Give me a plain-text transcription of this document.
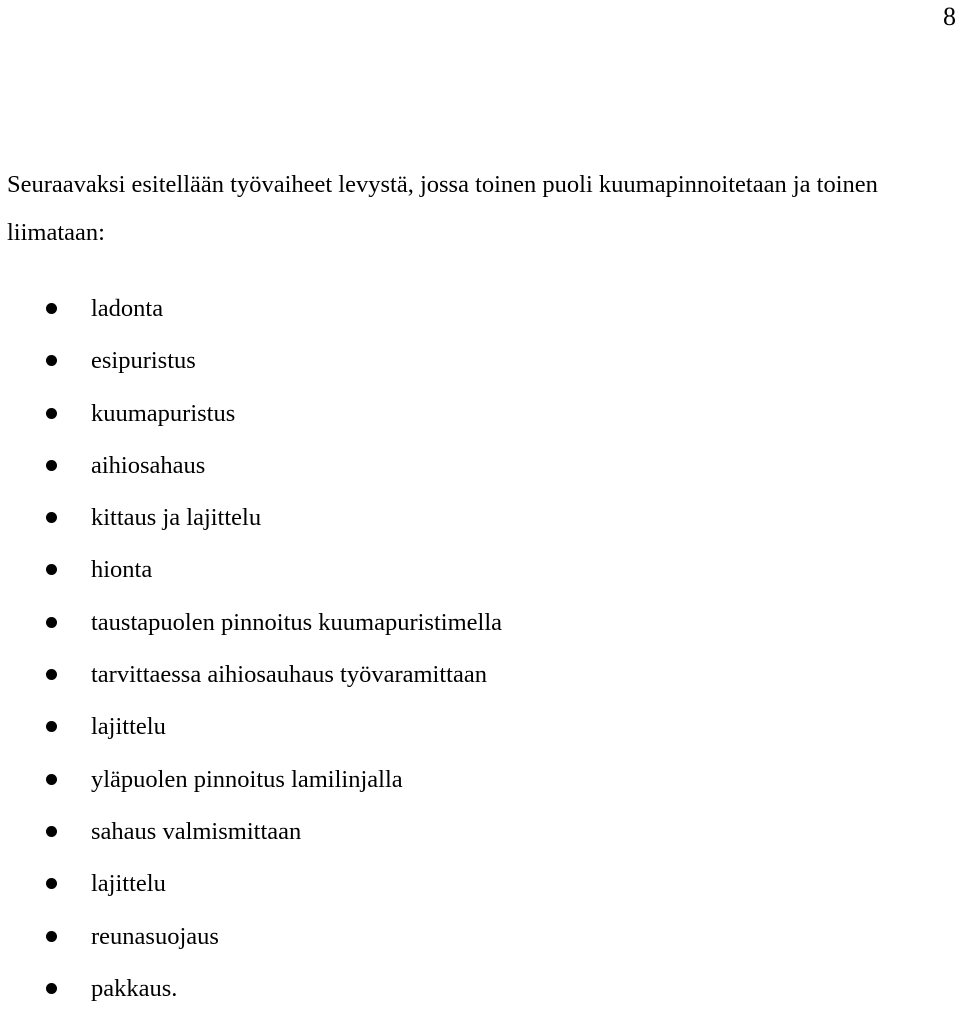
8

Seuraavaksi esitellään työvaiheet levystä, jossa toinen puoli kuumapinnoitetaan ja toinen liimataan:

ladonta
esipuristus
kuumapuristus
aihiosahaus
kittaus ja lajittelu
hionta
taustapuolen pinnoitus kuumapuristimella
tarvittaessa aihiosauhaus työvaramittaan
lajittelu
yläpuolen pinnoitus lamilinjalla
sahaus valmismittaan
lajittelu
reunasuojaus
pakkaus.
